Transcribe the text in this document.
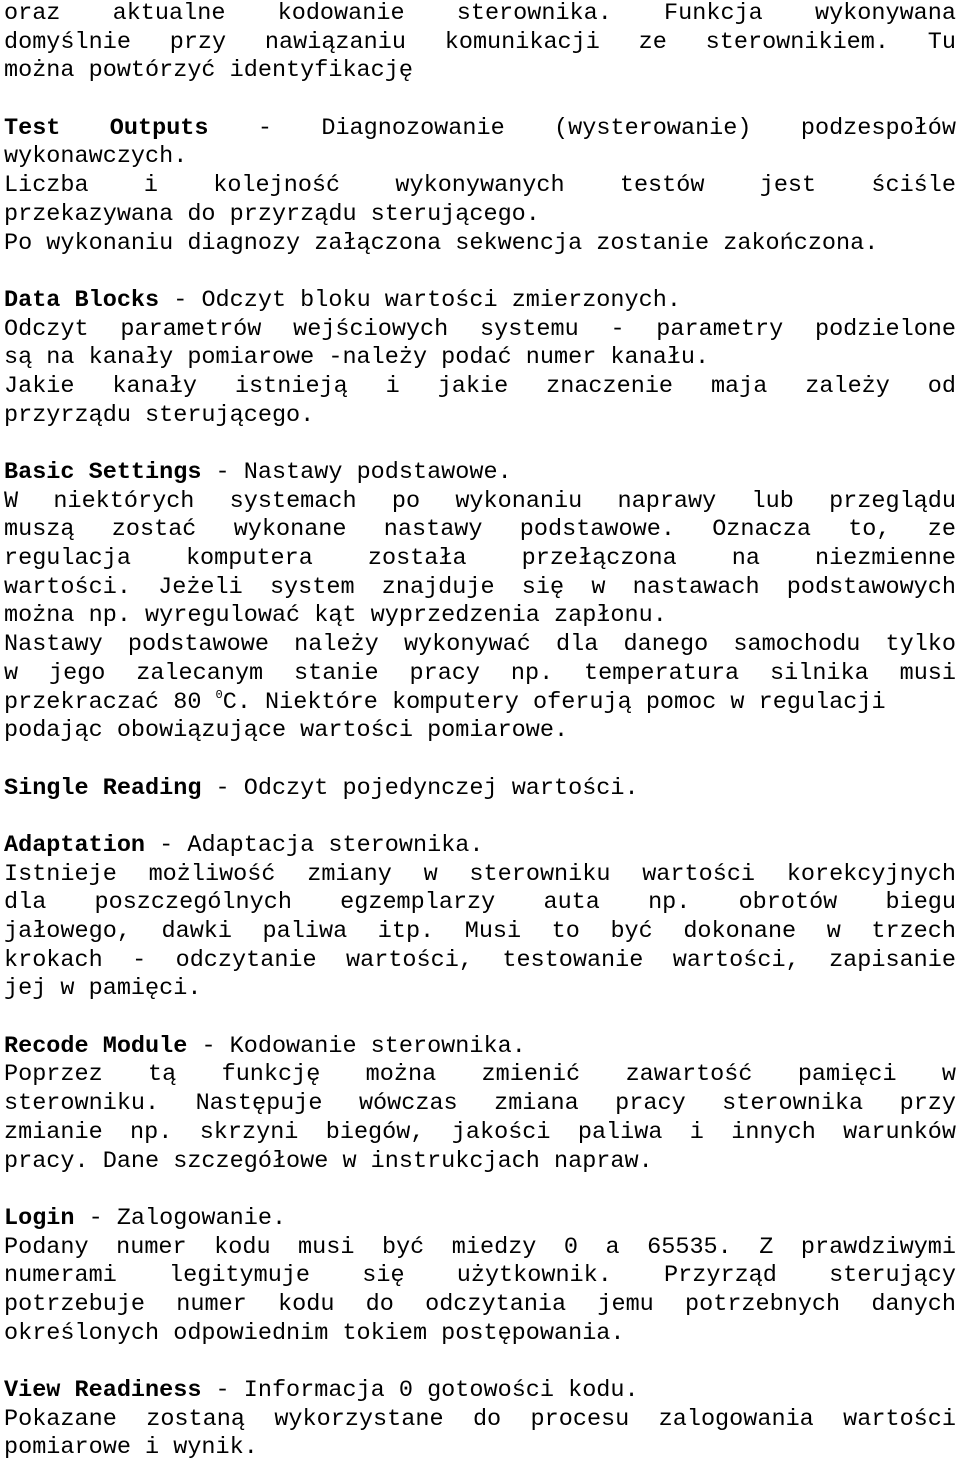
oraz aktualne kodowanie sterownika. Funkcja wykonywana
domyślnie przy nawiązaniu komunikacji ze sterownikiem. Tu
można powtórzyć identyfikację
Test Outputs - Diagnozowanie (wysterowanie) podzespołów
wykonawczych.
Liczba i kolejność wykonywanych testów jest ściśle
przekazywana do przyrządu sterującego.
Po wykonaniu diagnozy załączona sekwencja zostanie zakończona.
Data Blocks - Odczyt bloku wartości zmierzonych.
Odczyt parametrów wejściowych systemu - parametry podzielone
są na kanały pomiarowe -należy podać numer kanału.
Jakie kanały istnieją i jakie znaczenie maja zależy od
przyrządu sterującego.
Basic Settings - Nastawy podstawowe.
W niektórych systemach po wykonaniu naprawy lub przeglądu
muszą zostać wykonane nastawy podstawowe. Oznacza to, ze
regulacja komputera została przełączona na niezmienne
wartości. Jeżeli system znajduje się w nastawach podstawowych
można np. wyregulować kąt wyprzedzenia zapłonu.
Nastawy podstawowe należy wykonywać dla danego samochodu tylko
w jego zalecanym stanie pracy np. temperatura silnika musi
przekraczać 80 $^0$C. Niektóre komputery oferują pomoc w regulacji
podając obowiązujące wartości pomiarowe.
Single Reading - Odczyt pojedynczej wartości.
Adaptation - Adaptacja sterownika.
Istnieje możliwość zmiany w sterowniku wartości korekcyjnych
dla poszczególnych egzemplarzy auta np. obrotów biegu
jałowego, dawki paliwa itp. Musi to być dokonane w trzech
krokach - odczytanie wartości, testowanie wartości, zapisanie
jej w pamięci.
Recode Module - Kodowanie sterownika.
Poprzez tą funkcję można zmienić zawartość pamięci w
sterowniku. Następuje wówczas zmiana pracy sterownika przy
zmianie np. skrzyni biegów, jakości paliwa i innych warunków
pracy. Dane szczegółowe w instrukcjach napraw.
Login - Zalogowanie.
Podany numer kodu musi być miedzy 0 a 65535. Z prawdziwymi
numerami legitymuje się użytkownik. Przyrząd sterujący
potrzebuje numer kodu do odczytania jemu potrzebnych danych
określonych odpowiednim tokiem postępowania.
View Readiness - Informacja 0 gotowości kodu.
Pokazane zostaną wykorzystane do procesu zalogowania wartości
pomiarowe i wynik.
